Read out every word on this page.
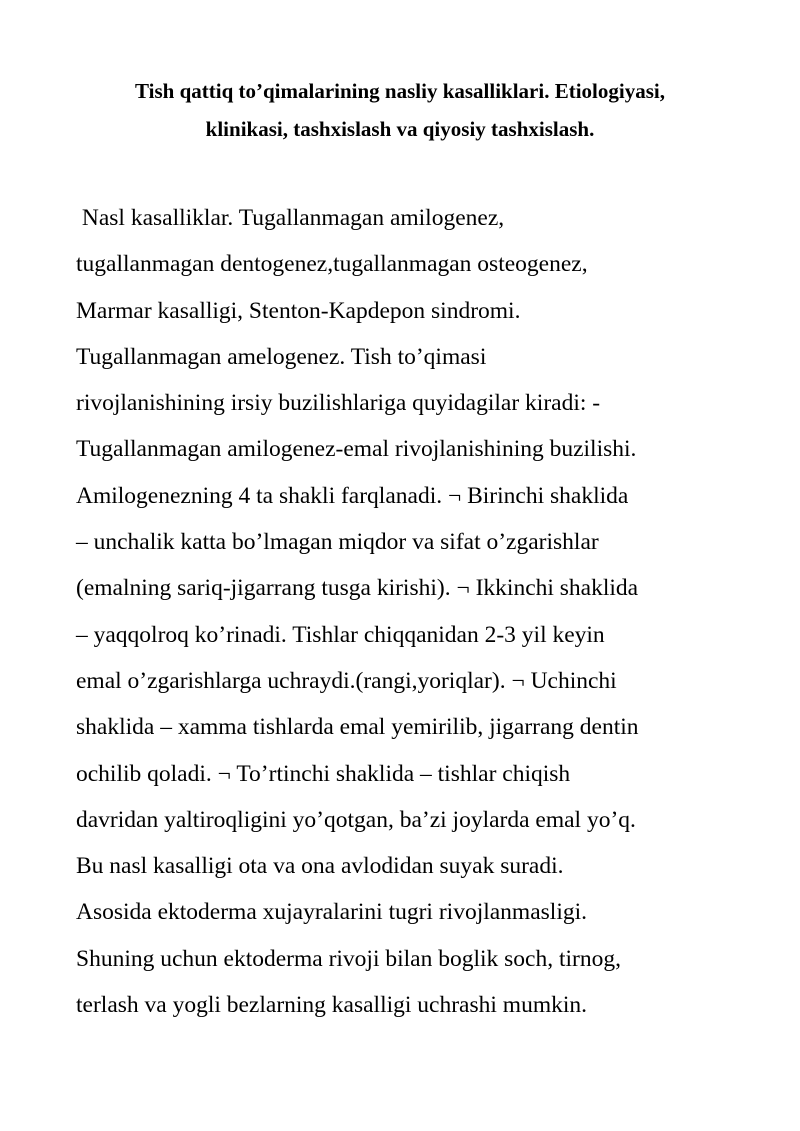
Tish qattiq to’qimalarining nasliy kasalliklari. Etiologiyasi,
klinikasi, tashxislash va qiyosiy tashxislash.
Nasl kasalliklar. Tugallanmagan amilogenez,
tugallanmagan dentogenez,tugallanmagan osteogenez,
Marmar kasalligi, Stenton-Kapdepon sindromi.
Tugallanmagan amelogenez. Tish to’qimasi
rivojlanishining irsiy buzilishlariga quyidagilar kiradi: -
Tugallanmagan amilogenez-emal rivojlanishining buzilishi.
Amilogenezning 4 ta shakli farqlanadi. ¬ Birinchi shaklida
– unchalik katta bo’lmagan miqdor va sifat o’zgarishlar
(emalning sariq-jigarrang tusga kirishi). ¬ Ikkinchi shaklida
– yaqqolroq ko’rinadi. Tishlar chiqqanidan 2-3 yil keyin
emal o’zgarishlarga uchraydi.(rangi,yoriqlar). ¬ Uchinchi
shaklida – xamma tishlarda emal yemirilib, jigarrang dentin
ochilib qoladi. ¬ To’rtinchi shaklida – tishlar chiqish
davridan yaltiroqligini yo’qotgan, ba’zi joylarda emal yo’q.
Bu nasl kasalligi ota va ona avlodidan suyak suradi.
Asosida ektoderma xujayralarini tugri rivojlanmasligi.
Shuning uchun ektoderma rivoji bilan boglik soch, tirnog,
terlash va yogli bezlarning kasalligi uchrashi mumkin.
